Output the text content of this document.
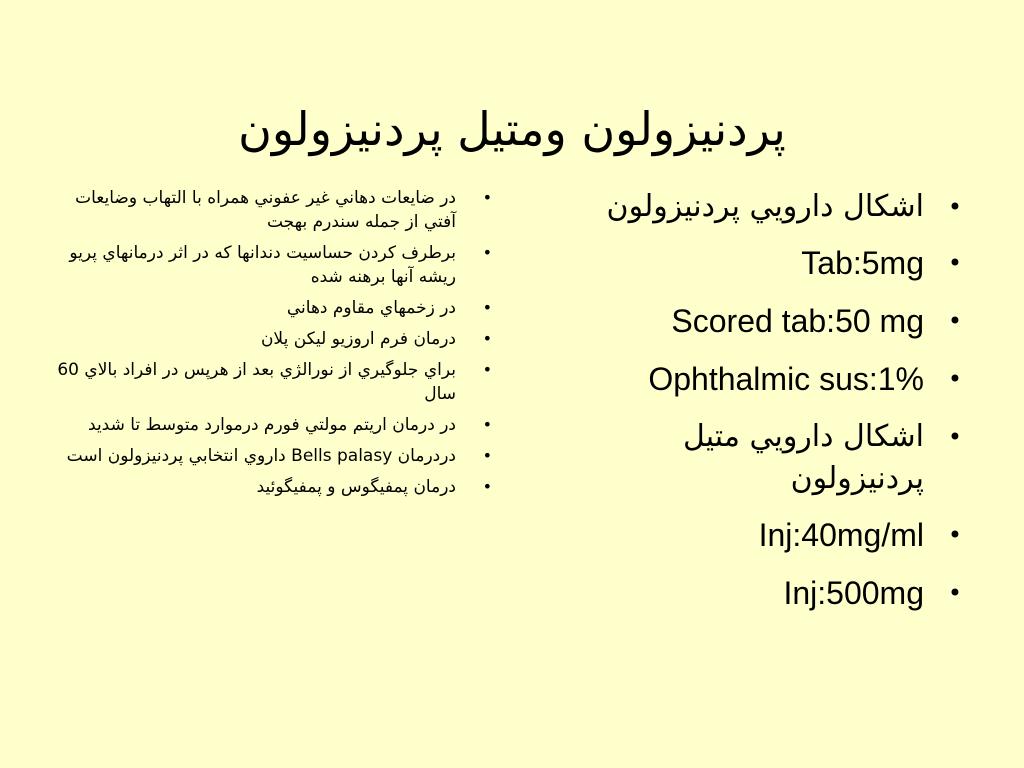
پردنيزولون ومتيل پردنيزولون
•
اشكال دارويي پردنيزولون
•
Tab:5mg
•
Scored tab:50 mg
•
Ophthalmic sus:1%
•
اشكال دارويي متيل پردنيزولون
•
Inj:40mg/ml
•
Inj:500mg
•
در ضايعات دهاني غير عفوني همراه با التهاب وضايعات آفتي از جمله سندرم بهجت
•
برطرف كردن حساسيت دندانها كه در اثر درمانهاي پريو ريشه آنها برهنه شده
•
در زخمهاي مقاوم دهاني
•
درمان فرم اروزيو ليكن پلان
•
براي جلوگيري از نورالژي بعد از هرپس در افراد بالاي 60 سال
•
در درمان اريتم مولتي فورم درموارد متوسط تا شديد
•
دردرمان Bells palasy داروي انتخابي پردنيزولون است
•
درمان پمفيگوس و پمفيگوئيد
